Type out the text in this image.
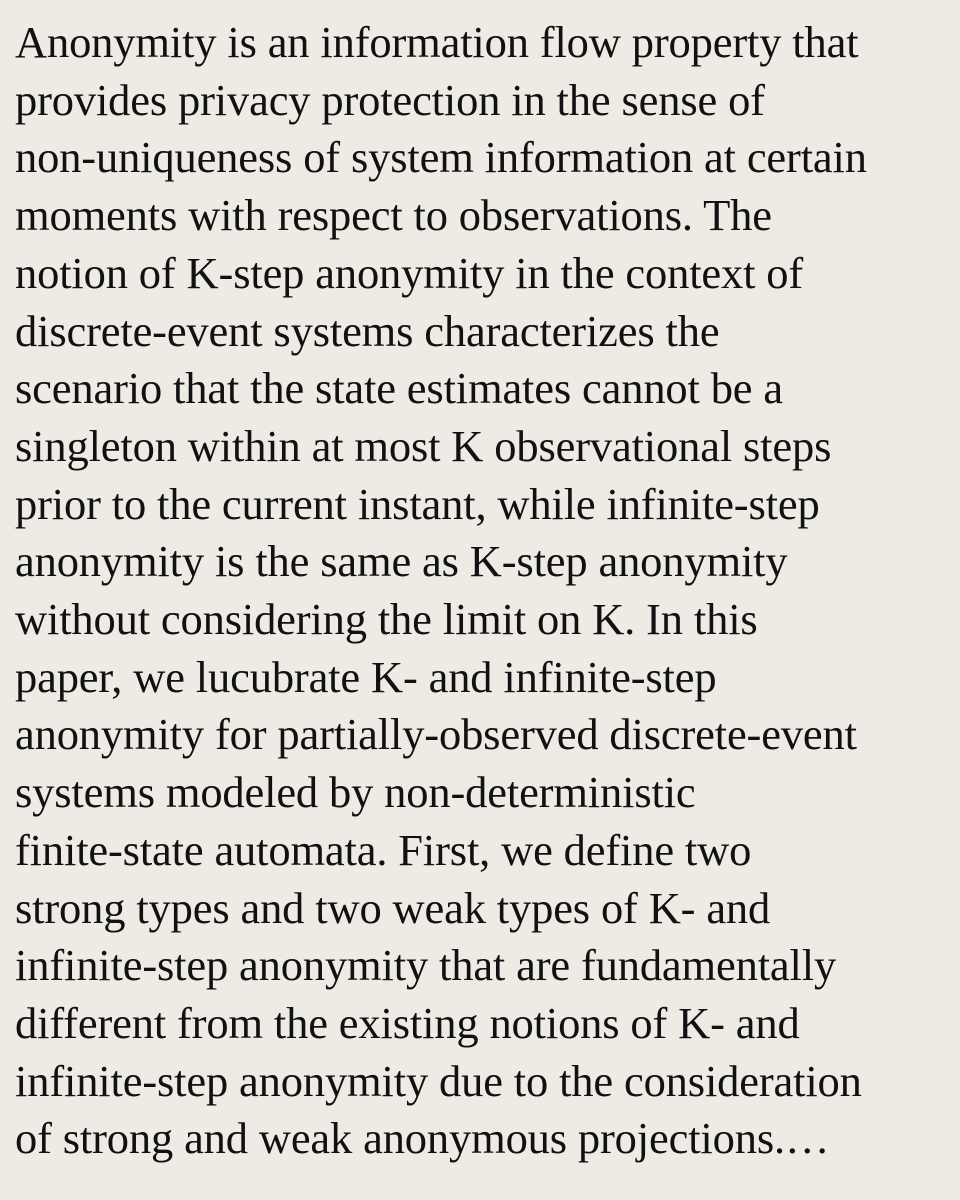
Anonymity is an information flow property that
provides privacy protection in the sense of
non-uniqueness of system information at certain
moments with respect to observations. The
notion of K-step anonymity in the context of
discrete-event systems characterizes the
scenario that the state estimates cannot be a
singleton within at most K observational steps
prior to the current instant, while infinite-step
anonymity is the same as K-step anonymity
without considering the limit on K. In this
paper, we lucubrate K- and infinite-step
anonymity for partially-observed discrete-event
systems modeled by non-deterministic
finite-state automata. First, we define two
strong types and two weak types of K- and
infinite-step anonymity that are fundamentally
different from the existing notions of K- and
infinite-step anonymity due to the consideration
of strong and weak anonymous projections.…
